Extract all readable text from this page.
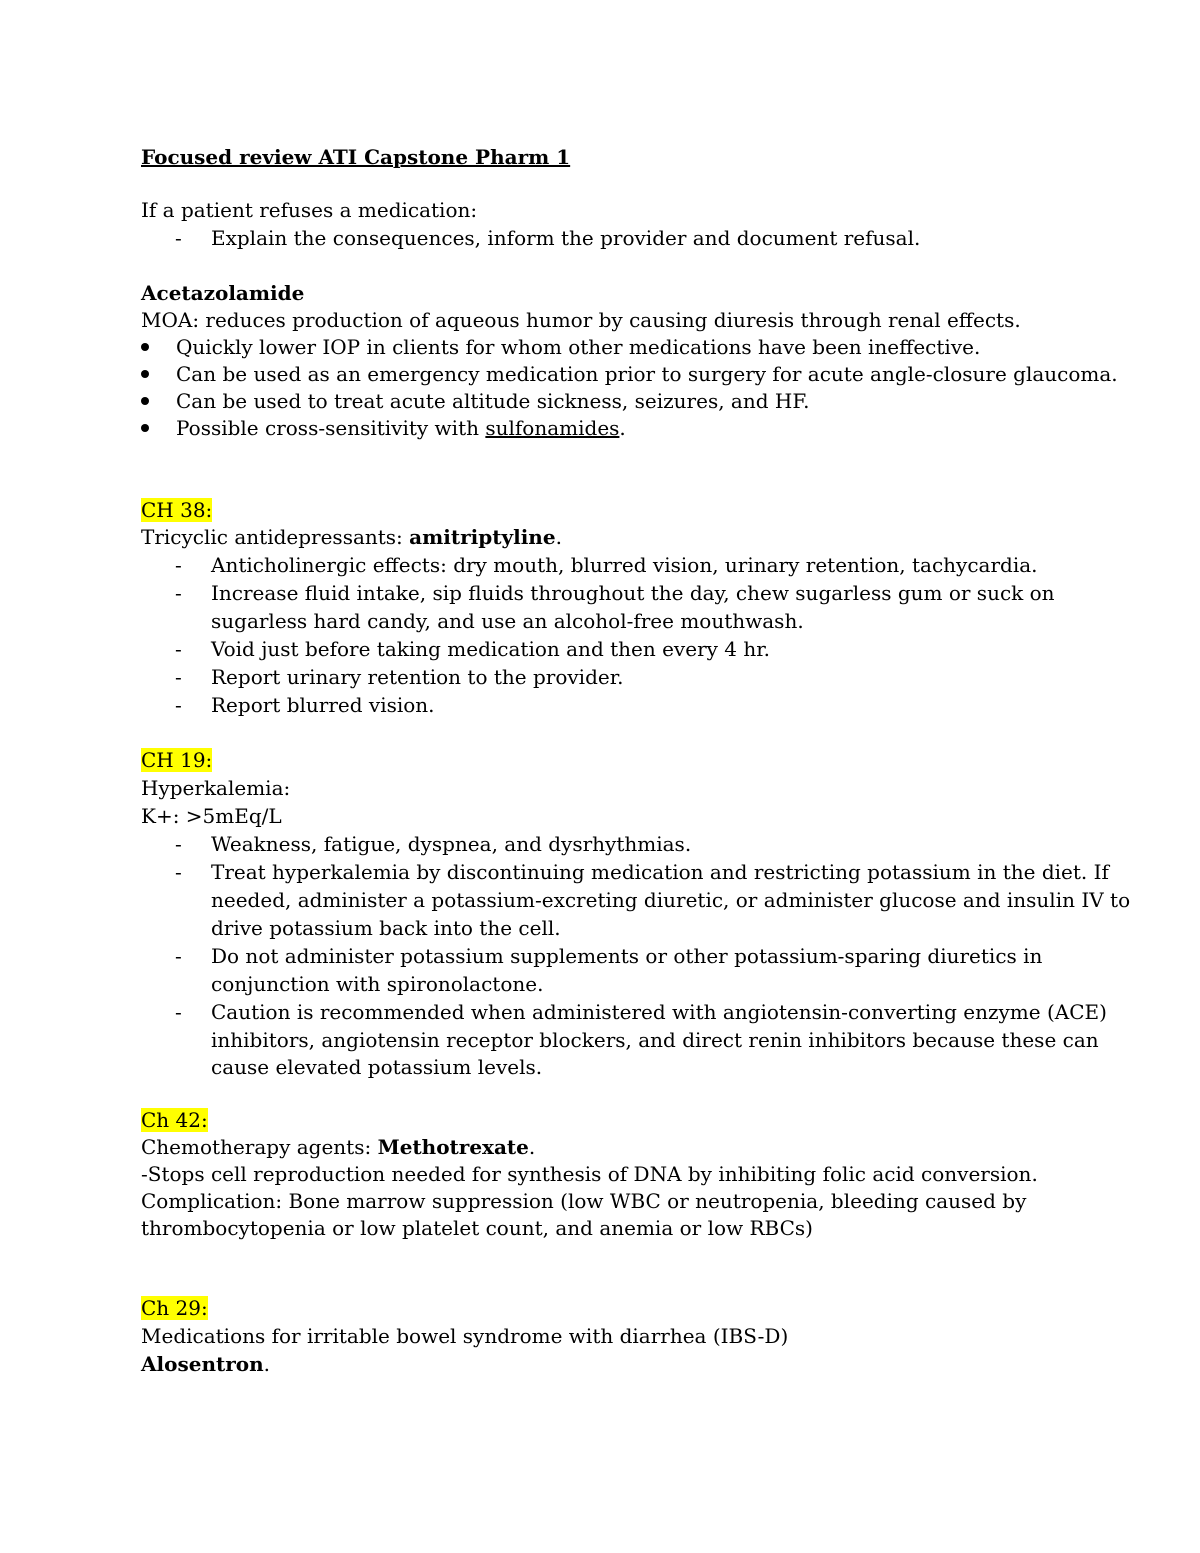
Focused review ATI Capstone Pharm 1
If a patient refuses a medication:
- Explain the consequences, inform the provider and document refusal.
Acetazolamide
MOA: reduces production of aqueous humor by causing diuresis through renal effects.
Quickly lower IOP in clients for whom other medications have been ineffective.
Can be used as an emergency medication prior to surgery for acute angle-closure glaucoma.
Can be used to treat acute altitude sickness, seizures, and HF.
Possible cross-sensitivity with sulfonamides.
CH 38:
Tricyclic antidepressants: amitriptyline.
- Anticholinergic effects: dry mouth, blurred vision, urinary retention, tachycardia.
- Increase fluid intake, sip fluids throughout the day, chew sugarless gum or suck on
sugarless hard candy, and use an alcohol-free mouthwash.
- Void just before taking medication and then every 4 hr.
- Report urinary retention to the provider.
- Report blurred vision.
CH 19:
Hyperkalemia:
K+: >5mEq/L
- Weakness, fatigue, dyspnea, and dysrhythmias.
- Treat hyperkalemia by discontinuing medication and restricting potassium in the diet. If
needed, administer a potassium-excreting diuretic, or administer glucose and insulin IV to
drive potassium back into the cell.
- Do not administer potassium supplements or other potassium-sparing diuretics in
conjunction with spironolactone.
- Caution is recommended when administered with angiotensin-converting enzyme (ACE)
inhibitors, angiotensin receptor blockers, and direct renin inhibitors because these can
cause elevated potassium levels.
Ch 42:
Chemotherapy agents: Methotrexate.
-Stops cell reproduction needed for synthesis of DNA by inhibiting folic acid conversion.
Complication: Bone marrow suppression (low WBC or neutropenia, bleeding caused by
thrombocytopenia or low platelet count, and anemia or low RBCs)
Ch 29:
Medications for irritable bowel syndrome with diarrhea (IBS-D)
Alosentron.
